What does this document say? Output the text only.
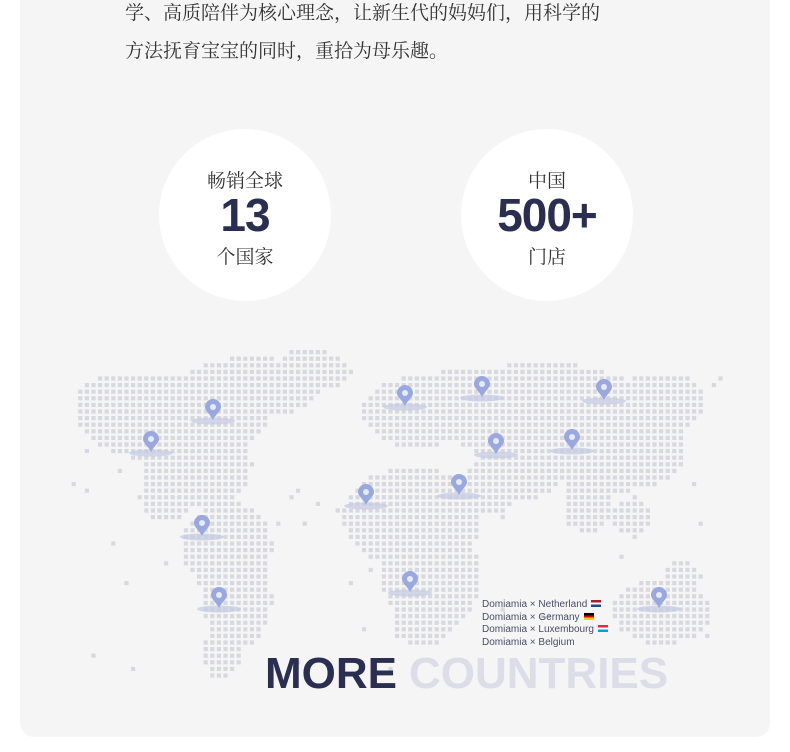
学、高质陪伴为核心理念，让新生代的妈妈们，用科学的
方法抚育宝宝的同时，重拾为母乐趣。

畅销全球
13
个国家
中国
500+
门店
Domiamia × Netherland
Domiamia × Germany
Domiamia × Luxembourg
Domiamia × Belgium
MORE COUNTRIES
